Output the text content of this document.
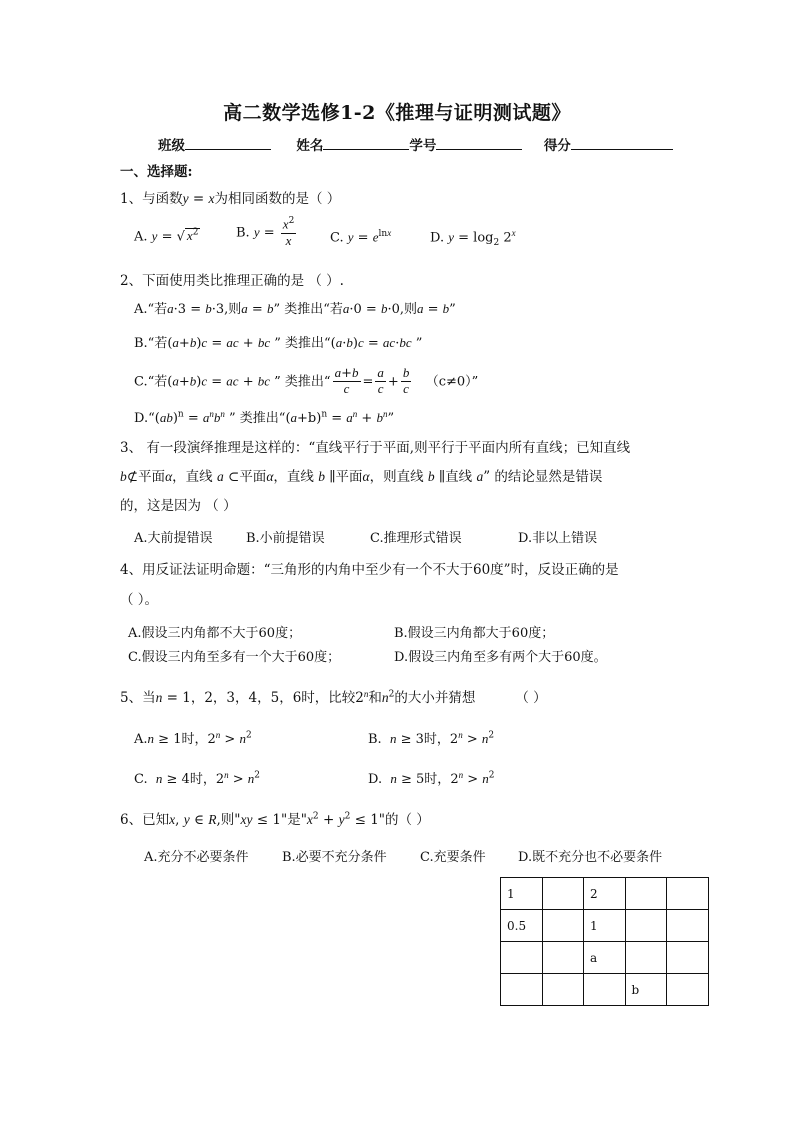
高二数学选修1-2《推理与证明测试题》
班级	姓名	学号	得分
一、选择题:
1、与函数y = x为相同函数的是（ ）
A. y = √ $x^2$	B. $y = \frac{x^2}{x}$	C. $y = e^{lnx}$	D. $y = \log_2 2^x$
2、下面使用类比推理正确的是 （ ）.
A.“若a·3 = b·3,则a = b” 类推出“若a·0 = b·0,则a = b”
B.“若(a+b)c = ac + bc ” 类推出“(a·b)c = ac·bc ”
C.“若(a+b)c = ac + bc ” 类推出“ $\frac{a+b}{c} = \frac{a}{c} + \frac{b}{c} (c\ne 0)$”
D.“(ab)$^n$ = $a^nb^n$ ” 类推出“$(a+b)^n = a^n + b^n$”
3、 有一段演绎推理是这样的：“直线平行于平面,则平行于平面内所有直线；已知直线
b⊄平面α，直线 a ⊂平面α，直线 b ∥平面α，则直线 b ∥直线 a” 的结论显然是错误
的，这是因为 （ ）
A.大前提错误	B.小前提错误	C.推理形式错误	D.非以上错误
4、用反证法证明命题：“三角形的内角中至少有一个不大于60度”时，反设正确的是
（ ）。
A.假设三内角都不大于60度；	B.假设三内角都大于60度；
C.假设三内角至多有一个大于60度；	D.假设三内角至多有两个大于60度。
5、当n = 1，2，3，4，5，6时，比较2$^n$和$n^2$的大小并猜想	（ ）
A.n ≥ 1时，$2^n > n^2$	B. n ≥ 3时，$2^n > n^2$
C. n ≥ 4时，$2^n > n^2$	D. n ≥ 5时，$2^n > n^2$
6、已知x, y ∈ R,则"xy ≤ 1"是"$x^2 + y^2 \le 1$"的（ ）
A.充分不必要条件	B.必要不充分条件	C.充要条件 D.既不充分也不必要条件
1		2		
0.5		1		
		a		
			b	
